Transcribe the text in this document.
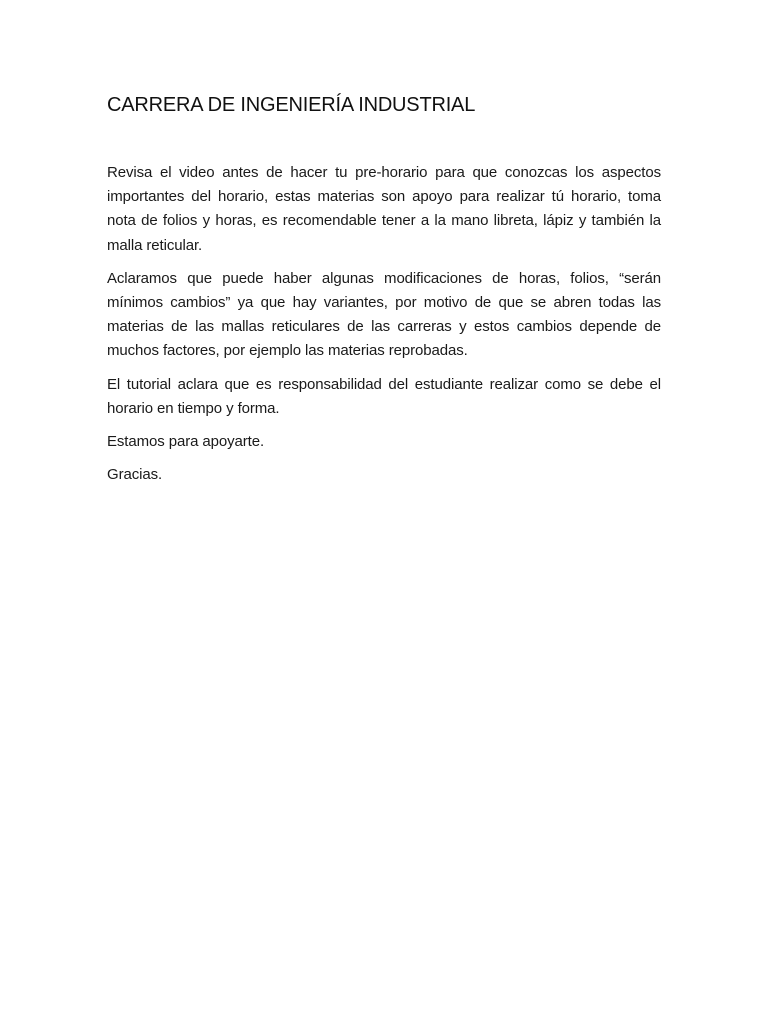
CARRERA DE INGENIERÍA INDUSTRIAL

Revisa el video antes de hacer tu pre-horario para que conozcas los aspectos importantes del horario, estas materias son apoyo para realizar tú horario, toma nota de folios y horas, es recomendable tener a la mano libreta, lápiz y también la malla reticular.

Aclaramos que puede haber algunas modificaciones de horas, folios, “serán mínimos cambios” ya que hay variantes, por motivo de que se abren todas las materias de las mallas reticulares de las carreras y estos cambios depende de muchos factores, por ejemplo las materias reprobadas.

El tutorial aclara que es responsabilidad del estudiante realizar como se debe el horario en tiempo y forma.

Estamos para apoyarte.

Gracias.
